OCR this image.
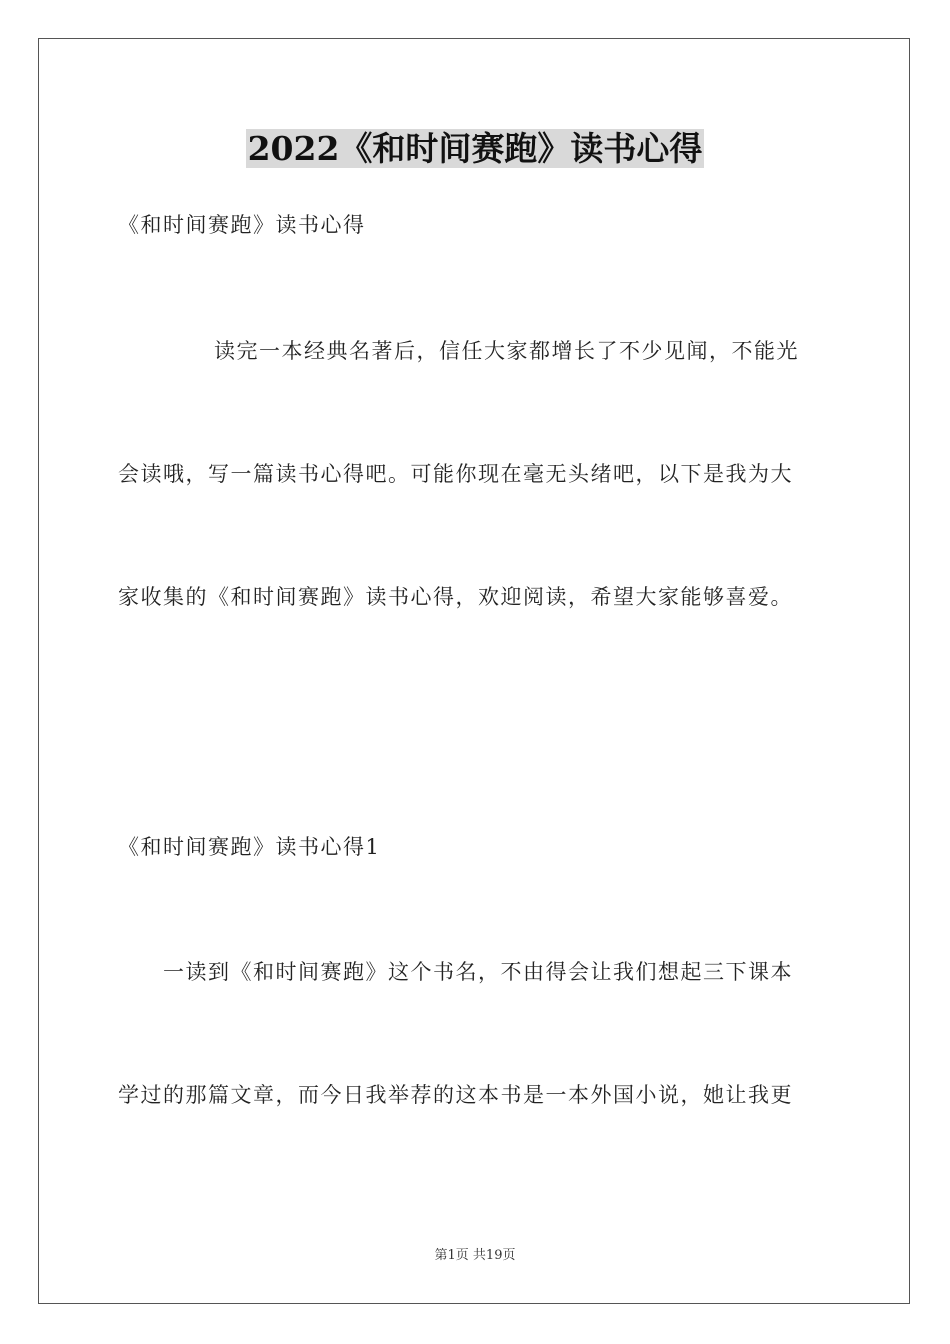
2022《和时间赛跑》读书心得
《和时间赛跑》读书心得
读完一本经典名著后，信任大家都增长了不少见闻，不能光
会读哦，写一篇读书心得吧。可能你现在毫无头绪吧，以下是我为大
家收集的《和时间赛跑》读书心得，欢迎阅读，希望大家能够喜爱。
《和时间赛跑》读书心得1
一读到《和时间赛跑》这个书名，不由得会让我们想起三下课本
学过的那篇文章，而今日我举荐的这本书是一本外国小说，她让我更
第1页 共19页
